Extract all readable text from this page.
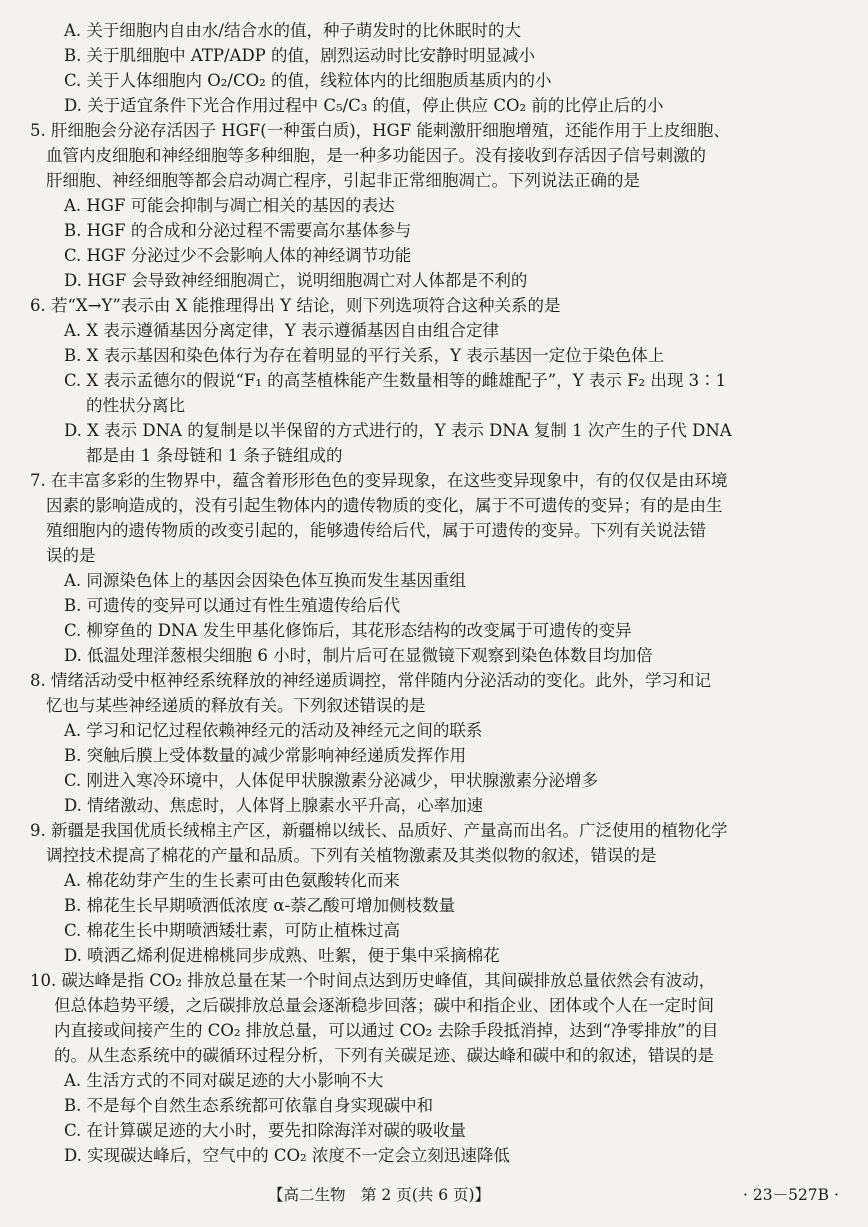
A. 关于细胞内自由水/结合水的值，种子萌发时的比休眠时的大
B. 关于肌细胞中 ATP/ADP 的值，剧烈运动时比安静时明显减小
C. 关于人体细胞内 O₂/CO₂ 的值，线粒体内的比细胞质基质内的小
D. 关于适宜条件下光合作用过程中 C₅/C₃ 的值，停止供应 CO₂ 前的比停止后的小
5. 肝细胞会分泌存活因子 HGF(一种蛋白质)，HGF 能刺激肝细胞增殖，还能作用于上皮细胞、
血管内皮细胞和神经细胞等多种细胞，是一种多功能因子。没有接收到存活因子信号刺激的
肝细胞、神经细胞等都会启动凋亡程序，引起非正常细胞凋亡。下列说法正确的是
A. HGF 可能会抑制与凋亡相关的基因的表达
B. HGF 的合成和分泌过程不需要高尔基体参与
C. HGF 分泌过少不会影响人体的神经调节功能
D. HGF 会导致神经细胞凋亡，说明细胞凋亡对人体都是不利的
6. 若“X→Y”表示由 X 能推理得出 Y 结论，则下列选项符合这种关系的是
A. X 表示遵循基因分离定律，Y 表示遵循基因自由组合定律
B. X 表示基因和染色体行为存在着明显的平行关系，Y 表示基因一定位于染色体上
C. X 表示孟德尔的假说“F₁ 的高茎植株能产生数量相等的雌雄配子”，Y 表示 F₂ 出现 3∶1
的性状分离比
D. X 表示 DNA 的复制是以半保留的方式进行的，Y 表示 DNA 复制 1 次产生的子代 DNA
都是由 1 条母链和 1 条子链组成的
7. 在丰富多彩的生物界中，蕴含着形形色色的变异现象，在这些变异现象中，有的仅仅是由环境
因素的影响造成的，没有引起生物体内的遗传物质的变化，属于不可遗传的变异；有的是由生
殖细胞内的遗传物质的改变引起的，能够遗传给后代，属于可遗传的变异。下列有关说法错
误的是
A. 同源染色体上的基因会因染色体互换而发生基因重组
B. 可遗传的变异可以通过有性生殖遗传给后代
C. 柳穿鱼的 DNA 发生甲基化修饰后，其花形态结构的改变属于可遗传的变异
D. 低温处理洋葱根尖细胞 6 小时，制片后可在显微镜下观察到染色体数目均加倍
8. 情绪活动受中枢神经系统释放的神经递质调控，常伴随内分泌活动的变化。此外，学习和记
忆也与某些神经递质的释放有关。下列叙述错误的是
A. 学习和记忆过程依赖神经元的活动及神经元之间的联系
B. 突触后膜上受体数量的减少常影响神经递质发挥作用
C. 刚进入寒冷环境中，人体促甲状腺激素分泌减少，甲状腺激素分泌增多
D. 情绪激动、焦虑时，人体肾上腺素水平升高，心率加速
9. 新疆是我国优质长绒棉主产区，新疆棉以绒长、品质好、产量高而出名。广泛使用的植物化学
调控技术提高了棉花的产量和品质。下列有关植物激素及其类似物的叙述，错误的是
A. 棉花幼芽产生的生长素可由色氨酸转化而来
B. 棉花生长早期喷洒低浓度 α-萘乙酸可增加侧枝数量
C. 棉花生长中期喷洒矮壮素，可防止植株过高
D. 喷洒乙烯利促进棉桃同步成熟、吐絮，便于集中采摘棉花
10. 碳达峰是指 CO₂ 排放总量在某一个时间点达到历史峰值，其间碳排放总量依然会有波动，
但总体趋势平缓，之后碳排放总量会逐渐稳步回落；碳中和指企业、团体或个人在一定时间
内直接或间接产生的 CO₂ 排放总量，可以通过 CO₂ 去除手段抵消掉，达到“净零排放”的目
的。从生态系统中的碳循环过程分析，下列有关碳足迹、碳达峰和碳中和的叙述，错误的是
A. 生活方式的不同对碳足迹的大小影响不大
B. 不是每个自然生态系统都可依靠自身实现碳中和
C. 在计算碳足迹的大小时，要先扣除海洋对碳的吸收量
D. 实现碳达峰后，空气中的 CO₂ 浓度不一定会立刻迅速降低
【高二生物　第 2 页(共 6 页)】	· 23－527B ·
